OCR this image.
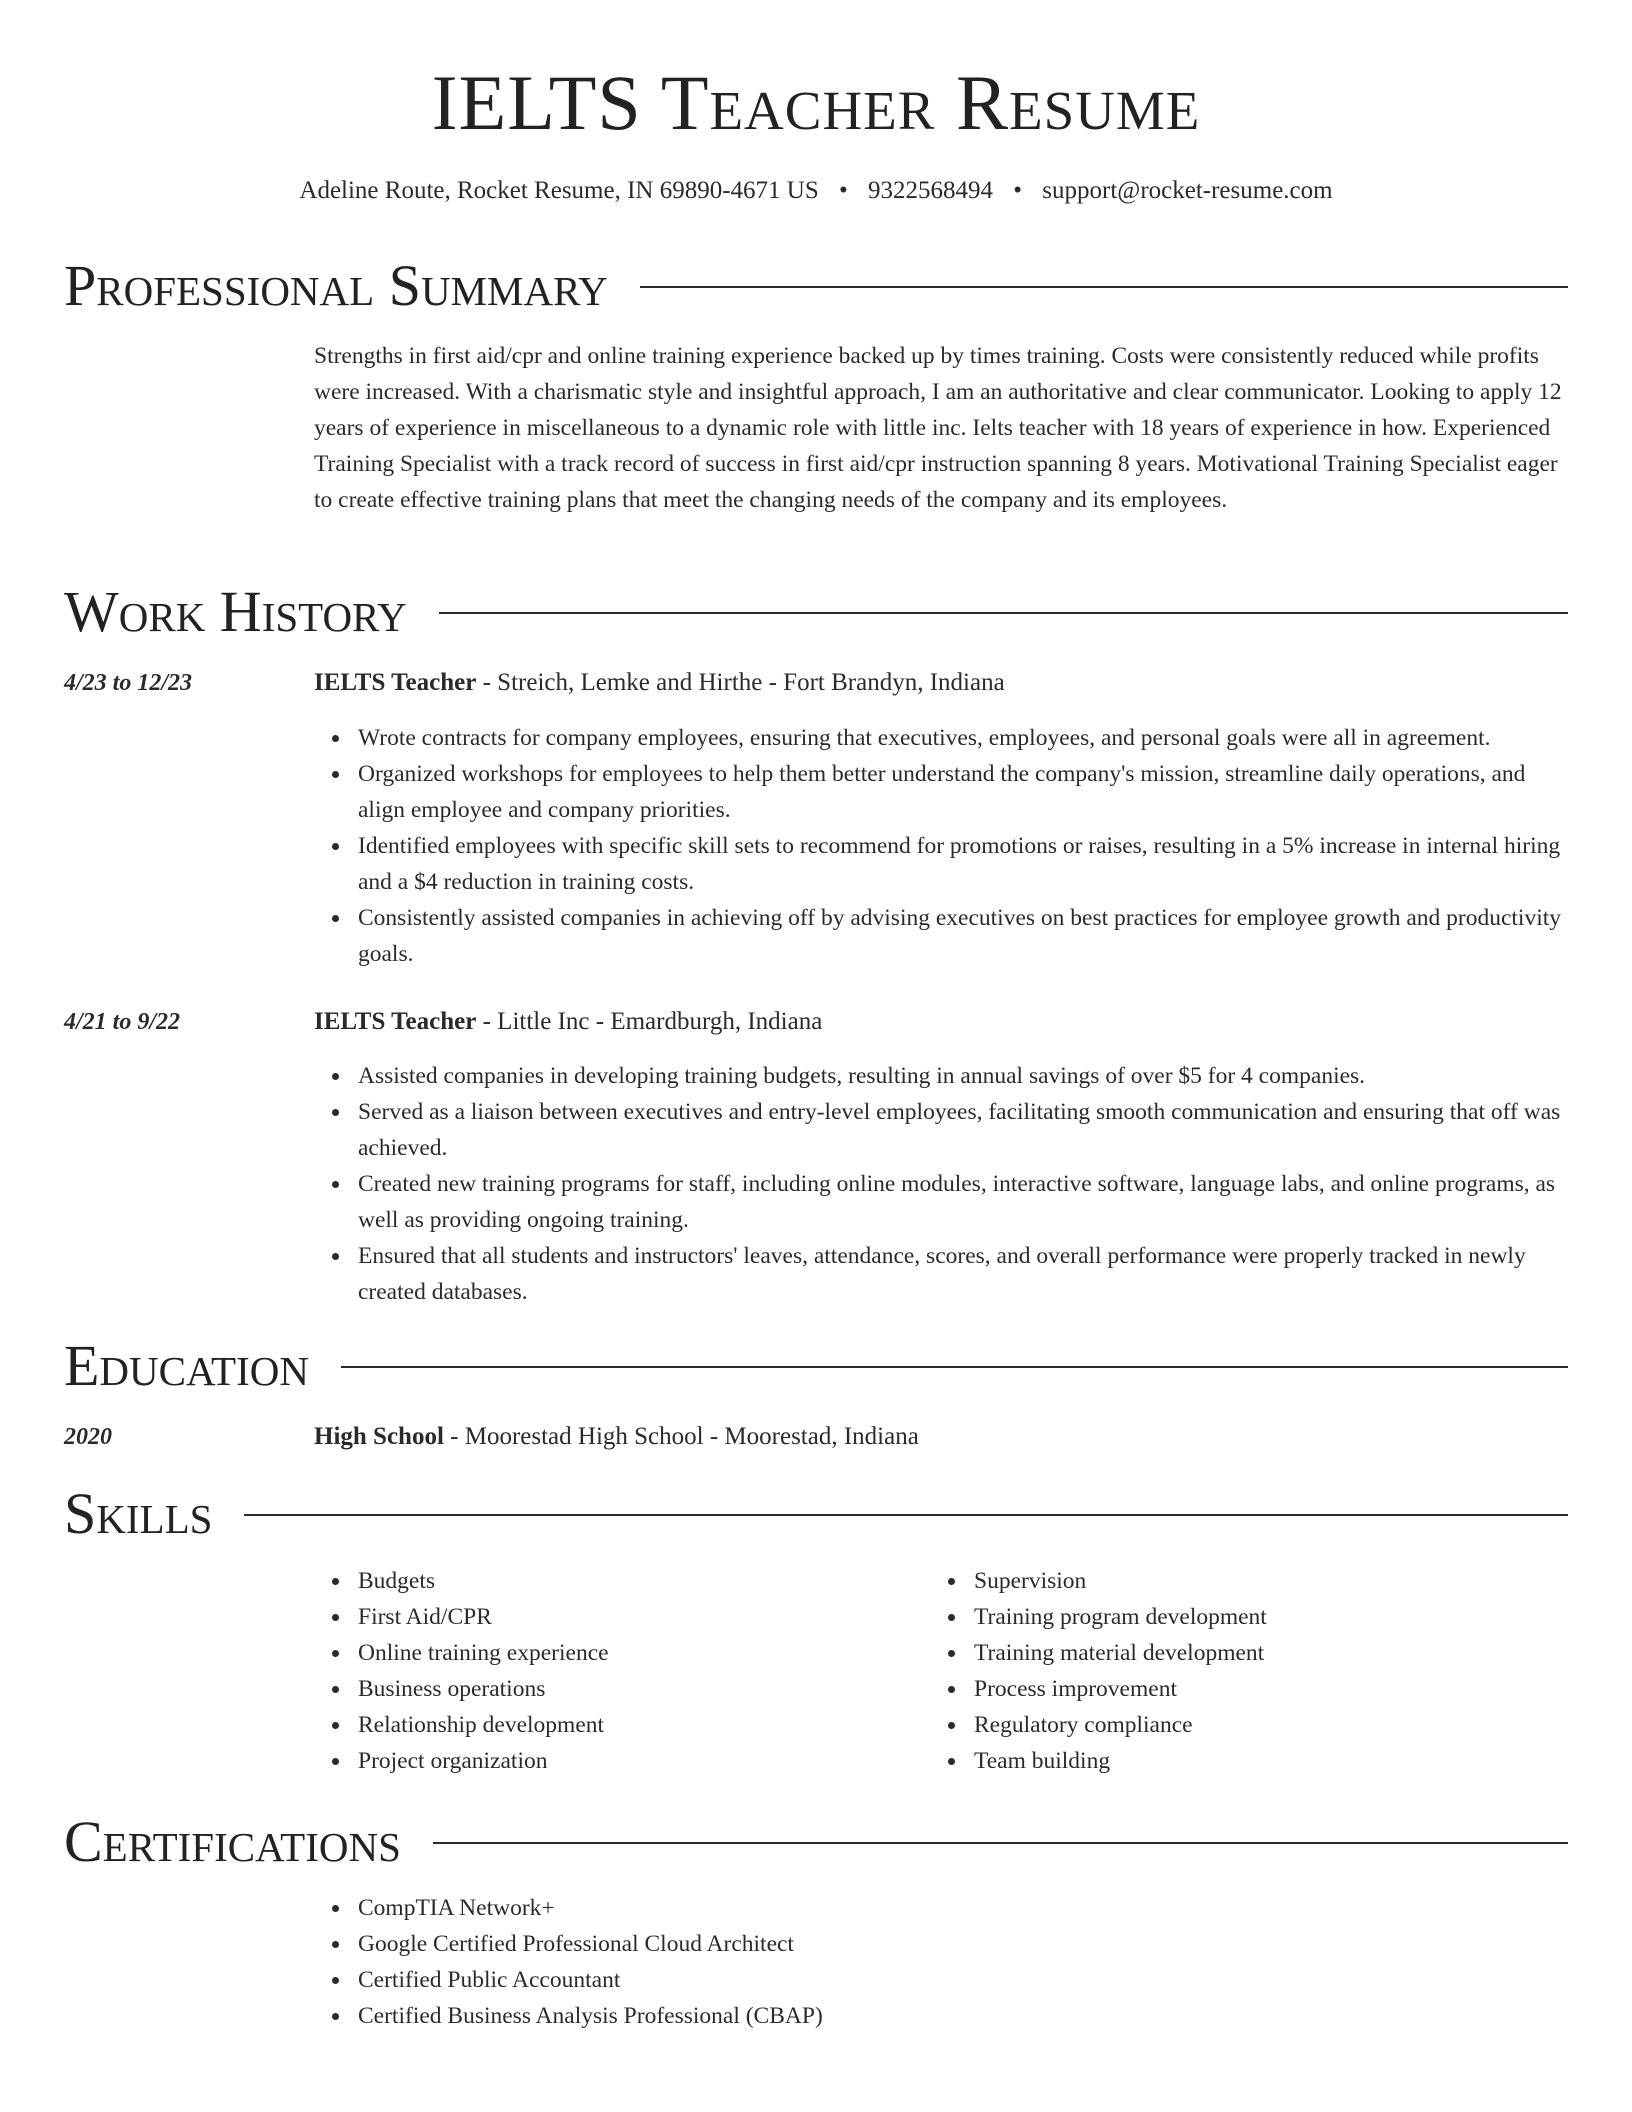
IELTS Teacher Resume
Adeline Route, Rocket Resume, IN 69890-4671 US • 9322568494 • support@rocket-resume.com
Professional Summary
Strengths in first aid/cpr and online training experience backed up by times training. Costs were consistently reduced while profits were increased. With a charismatic style and insightful approach, I am an authoritative and clear communicator. Looking to apply 12 years of experience in miscellaneous to a dynamic role with little inc. Ielts teacher with 18 years of experience in how. Experienced Training Specialist with a track record of success in first aid/cpr instruction spanning 8 years. Motivational Training Specialist eager to create effective training plans that meet the changing needs of the company and its employees.
Work History
4/23 to 12/23	IELTS Teacher - Streich, Lemke and Hirthe - Fort Brandyn, Indiana
Wrote contracts for company employees, ensuring that executives, employees, and personal goals were all in agreement.
Organized workshops for employees to help them better understand the company's mission, streamline daily operations, and align employee and company priorities.
Identified employees with specific skill sets to recommend for promotions or raises, resulting in a 5% increase in internal hiring and a $4 reduction in training costs.
Consistently assisted companies in achieving off by advising executives on best practices for employee growth and productivity goals.
4/21 to 9/22	IELTS Teacher - Little Inc - Emardburgh, Indiana
Assisted companies in developing training budgets, resulting in annual savings of over $5 for 4 companies.
Served as a liaison between executives and entry-level employees, facilitating smooth communication and ensuring that off was achieved.
Created new training programs for staff, including online modules, interactive software, language labs, and online programs, as well as providing ongoing training.
Ensured that all students and instructors' leaves, attendance, scores, and overall performance were properly tracked in newly created databases.
Education
2020	High School - Moorestad High School - Moorestad, Indiana
Skills
Budgets
First Aid/CPR
Online training experience
Business operations
Relationship development
Project organization
Supervision
Training program development
Training material development
Process improvement
Regulatory compliance
Team building
Certifications
CompTIA Network+
Google Certified Professional Cloud Architect
Certified Public Accountant
Certified Business Analysis Professional (CBAP)
